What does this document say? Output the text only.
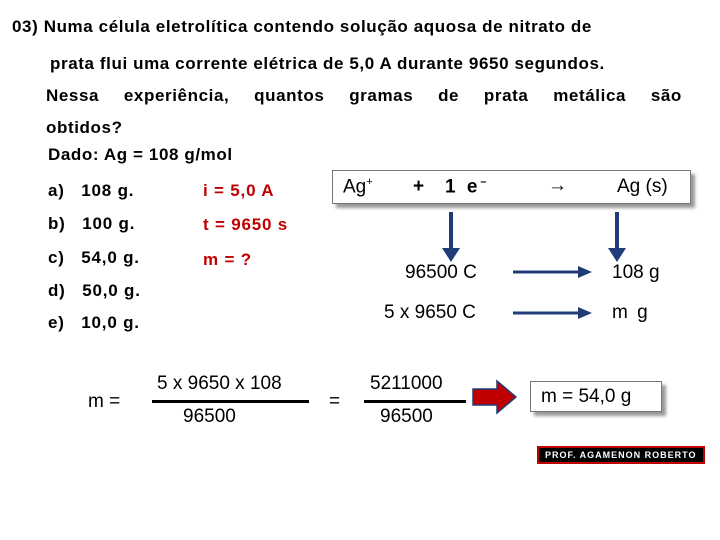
03) Numa célula eletrolítica contendo solução aquosa de nitrato de
prata flui uma corrente elétrica de 5,0 A durante 9650 segundos.
Nessa experiência, quantos gramas de prata metálica são
obtidos?
Dado: Ag = 108 g/mol
a) 108 g.
b) 100 g.
c) 54,0 g.
d) 50,0 g.
e) 10,0 g.
i = 5,0 A
t = 9650 s
m = ?
Ag+ + 1 e–	→	Ag (s)
96500 C	108 g
5 x 9650 C	m g
m =
5 x 9650 x 108
96500
=
5211000
96500
m = 54,0 g
PROF. AGAMENON ROBERTO
